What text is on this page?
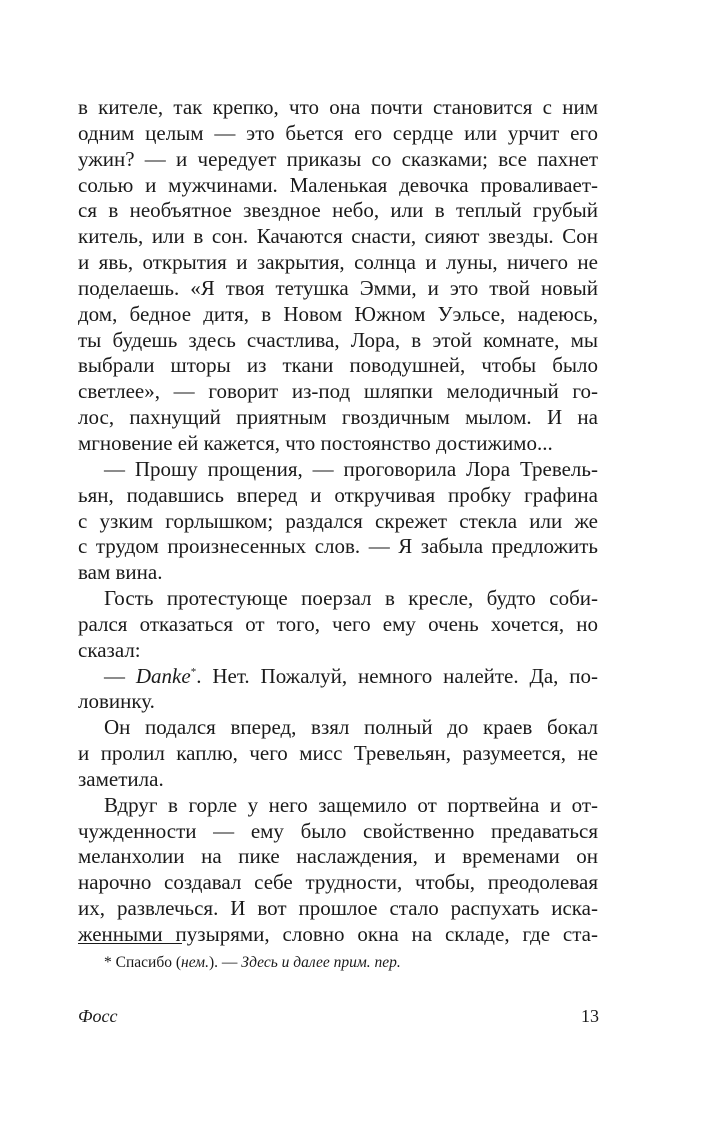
в кителе, так крепко, что она почти становится с ним
одним целым — это бьется его сердце или урчит его
ужин? — и чередует приказы со сказками; все пахнет
солью и мужчинами. Маленькая девочка проваливает-
ся в необъятное звездное небо, или в теплый грубый
китель, или в сон. Качаются снасти, сияют звезды. Сон
и явь, открытия и закрытия, солнца и луны, ничего не
поделаешь. «Я твоя тетушка Эмми, и это твой новый
дом, бедное дитя, в Новом Южном Уэльсе, надеюсь,
ты будешь здесь счастлива, Лора, в этой комнате, мы
выбрали шторы из ткани поводушней, чтобы было
светлее», — говорит из-под шляпки мелодичный го-
лос, пахнущий приятным гвоздичным мылом. И на
мгновение ей кажется, что постоянство достижимо...
— Прошу прощения, — проговорила Лора Тревель-
ьян, подавшись вперед и откручивая пробку графина
с узким горлышком; раздался скрежет стекла или же
с трудом произнесенных слов. — Я забыла предложить
вам вина.
Гость протестующе поерзал в кресле, будто соби-
рался отказаться от того, чего ему очень хочется, но
сказал:
— Danke*. Нет. Пожалуй, немного налейте. Да, по-
ловинку.
Он подался вперед, взял полный до краев бокал
и пролил каплю, чего мисс Тревельян, разумеется, не
заметила.
Вдруг в горле у него защемило от портвейна и от-
чужденности — ему было свойственно предаваться
меланхолии на пике наслаждения, и временами он
нарочно создавал себе трудности, чтобы, преодолевая
их, развлечься. И вот прошлое стало распухать иска-
женными пузырями, словно окна на складе, где ста-
* Спасибо (нем.). — Здесь и далее прим. пер.
Фосс	13
